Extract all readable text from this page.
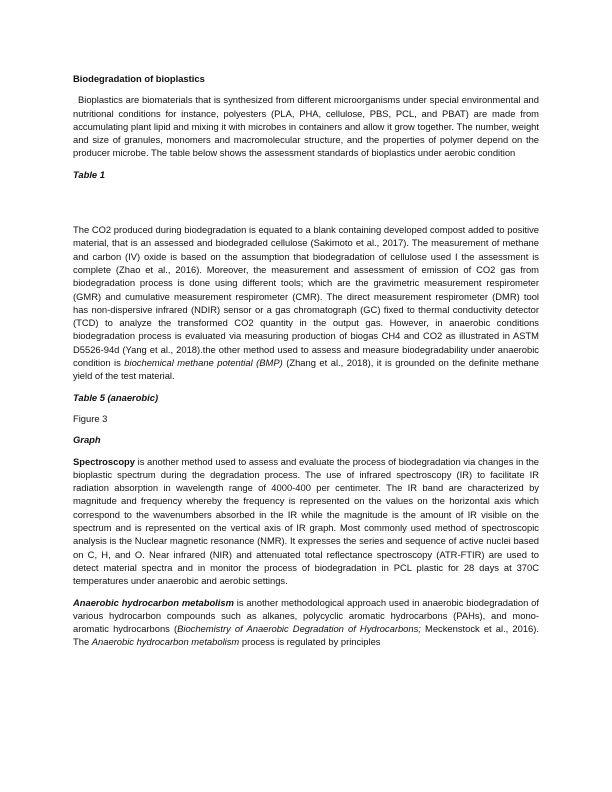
Biodegradation of bioplastics

Bioplastics are biomaterials that is synthesized from different microorganisms under special environmental and nutritional conditions for instance, polyesters (PLA, PHA, cellulose, PBS, PCL, and PBAT) are made from accumulating plant lipid and mixing it with microbes in containers and allow it grow together. The number, weight and size of granules, monomers and macromolecular structure, and the properties of polymer depend on the producer microbe. The table below shows the assessment standards of bioplastics under aerobic condition

Table 1

The CO2 produced during biodegradation is equated to a blank containing developed compost added to positive material, that is an assessed and biodegraded cellulose (Sakimoto et al., 2017). The measurement of methane and carbon (IV) oxide is based on the assumption that biodegradation of cellulose used I the assessment is complete (Zhao et al., 2016). Moreover, the measurement and assessment of emission of CO2 gas from biodegradation process is done using different tools; which are the gravimetric measurement respirometer (GMR) and cumulative measurement respirometer (CMR). The direct measurement respirometer (DMR) tool has non-dispersive infrared (NDIR) sensor or a gas chromatograph (GC) fixed to thermal conductivity detector (TCD) to analyze the transformed CO2 quantity in the output gas. However, in anaerobic conditions biodegradation process is evaluated via measuring production of biogas CH4 and CO2 as illustrated in ASTM D5526-94d (Yang et al., 2018).the other method used to assess and measure biodegradability under anaerobic condition is biochemical methane potential (BMP) (Zhang et al., 2018), it is grounded on the definite methane yield of the test material.

Table 5 (anaerobic)

Figure 3

Graph

Spectroscopy is another method used to assess and evaluate the process of biodegradation via changes in the bioplastic spectrum during the degradation process. The use of infrared spectroscopy (IR) to facilitate IR radiation absorption in wavelength range of 4000-400 per centimeter. The IR band are characterized by magnitude and frequency whereby the frequency is represented on the values on the horizontal axis which correspond to the wavenumbers absorbed in the IR while the magnitude is the amount of IR visible on the spectrum and is represented on the vertical axis of IR graph. Most commonly used method of spectroscopic analysis is the Nuclear magnetic resonance (NMR). It expresses the series and sequence of active nuclei based on C, H, and O. Near infrared (NIR) and attenuated total reflectance spectroscopy (ATR-FTIR) are used to detect material spectra and in monitor the process of biodegradation in PCL plastic for 28 days at 370C temperatures under anaerobic and aerobic settings.

Anaerobic hydrocarbon metabolism is another methodological approach used in anaerobic biodegradation of various hydrocarbon compounds such as alkanes, polycyclic aromatic hydrocarbons (PAHs), and mono-aromatic hydrocarbons (Biochemistry of Anaerobic Degradation of Hydrocarbons; Meckenstock et al., 2016). The Anaerobic hydrocarbon metabolism process is regulated by principles
